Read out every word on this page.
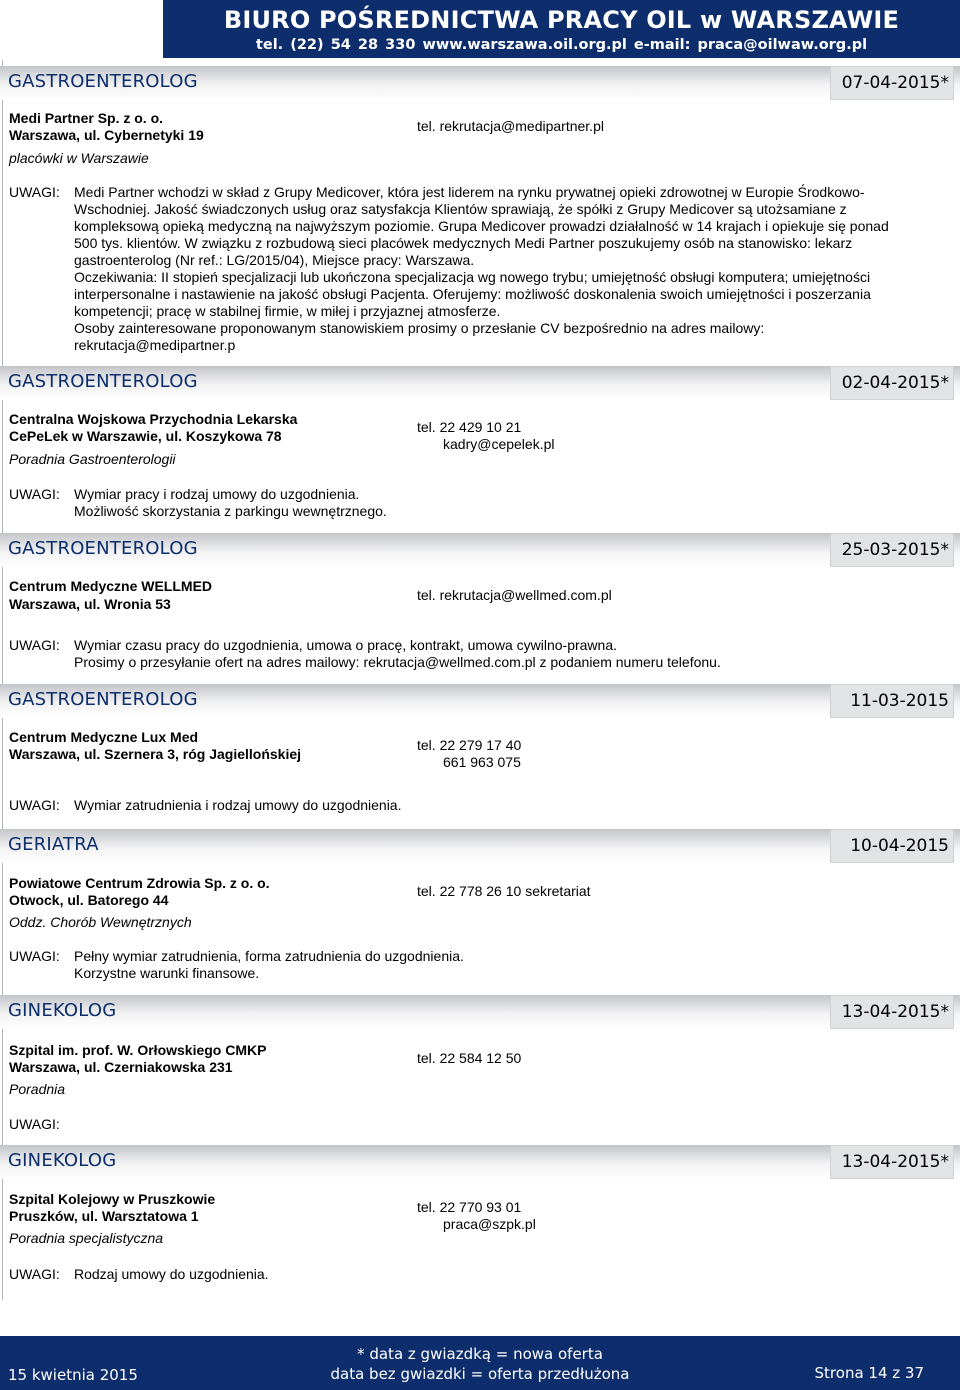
BIURO POŚREDNICTWA PRACY OIL w WARSZAWIE
tel. (22) 54 28 330 www.warszawa.oil.org.pl e-mail: praca@oilwaw.org.pl
GASTROENTEROLOG	07-04-2015*
Medi Partner Sp. z o. o.
Warszawa, ul. Cybernetyki 19
placówki w Warszawie
tel. rekrutacja@medipartner.pl
UWAGI: Medi Partner wchodzi w skład z Grupy Medicover, która jest liderem na rynku prywatnej opieki zdrowotnej w Europie Środkowo-Wschodniej. Jakość świadczonych usług oraz satysfakcja Klientów sprawiają, że spółki z Grupy Medicover są utożsamiane z kompleksową opieką medyczną na najwyższym poziomie. Grupa Medicover prowadzi działalność w 14 krajach i opiekuje się ponad 500 tys. klientów. W związku z rozbudową sieci placówek medycznych Medi Partner poszukujemy osób na stanowisko: lekarz gastroenterolog (Nr ref.: LG/2015/04), Miejsce pracy: Warszawa.
Oczekiwania: II stopień specjalizacji lub ukończona specjalizacja wg nowego trybu; umiejętność obsługi komputera; umiejętności interpersonalne i nastawienie na jakość obsługi Pacjenta. Oferujemy: możliwość doskonalenia swoich umiejętności i poszerzania kompetencji; pracę w stabilnej firmie, w miłej i przyjaznej atmosferze.
Osoby zainteresowane proponowanym stanowiskiem prosimy o przesłanie CV bezpośrednio na adres mailowy: rekrutacja@medipartner.p
GASTROENTEROLOG	02-04-2015*
Centralna Wojskowa Przychodnia Lekarska
CePeLek w Warszawie, ul. Koszykowa 78
Poradnia Gastroenterologii
tel. 22 429 10 21
kadry@cepelek.pl
UWAGI: Wymiar pracy i rodzaj umowy do uzgodnienia.
Możliwość skorzystania z parkingu wewnętrznego.
GASTROENTEROLOG	25-03-2015*
Centrum Medyczne WELLMED
Warszawa, ul. Wronia 53
tel. rekrutacja@wellmed.com.pl
UWAGI: Wymiar czasu pracy do uzgodnienia, umowa o pracę, kontrakt, umowa cywilno-prawna.
Prosimy o przesyłanie ofert na adres mailowy: rekrutacja@wellmed.com.pl z podaniem numeru telefonu.
GASTROENTEROLOG	11-03-2015
Centrum Medyczne Lux Med
Warszawa, ul. Szernera 3, róg Jagiellońskiej
tel. 22 279 17 40
661 963 075
UWAGI: Wymiar zatrudnienia i rodzaj umowy do uzgodnienia.
GERIATRA	10-04-2015
Powiatowe Centrum Zdrowia Sp. z o. o.
Otwock, ul. Batorego 44
Oddz. Chorób Wewnętrznych
tel. 22 778 26 10 sekretariat
UWAGI: Pełny wymiar zatrudnienia, forma zatrudnienia do uzgodnienia.
Korzystne warunki finansowe.
GINEKOLOG	13-04-2015*
Szpital im. prof. W. Orłowskiego CMKP
Warszawa, ul. Czerniakowska 231
Poradnia
tel. 22 584 12 50
UWAGI:
GINEKOLOG	13-04-2015*
Szpital Kolejowy w Pruszkowie
Pruszków, ul. Warsztatowa 1
Poradnia specjalistyczna
tel. 22 770 93 01
praca@szpk.pl
UWAGI: Rodzaj umowy do uzgodnienia.
15 kwietnia 2015
* data z gwiazdką = nowa oferta
data bez gwiazdki = oferta przedłużona	Strona 14 z 37
